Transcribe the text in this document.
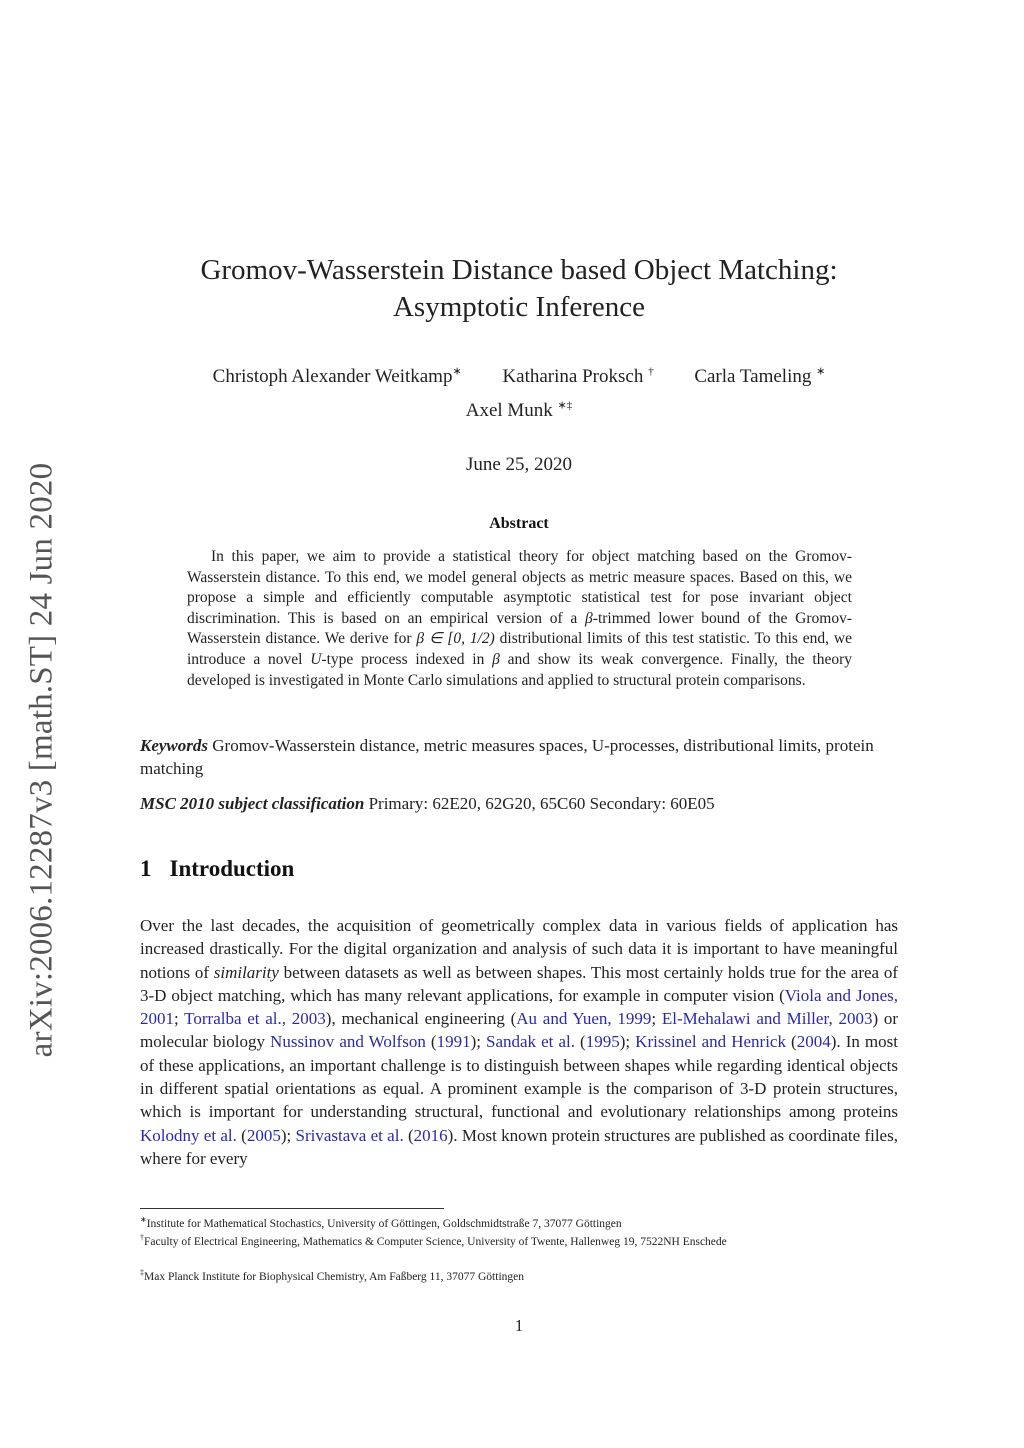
arXiv:2006.12287v3 [math.ST] 24 Jun 2020
Gromov-Wasserstein Distance based Object Matching:
Asymptotic Inference
Christoph Alexander Weitkamp∗ Katharina Proksch † Carla Tameling ∗
Axel Munk ∗‡
June 25, 2020
Abstract
In this paper, we aim to provide a statistical theory for object matching based on the Gromov-Wasserstein distance. To this end, we model general objects as metric measure spaces. Based on this, we propose a simple and efficiently computable asymptotic statistical test for pose invariant object discrimination. This is based on an empirical version of a β-trimmed lower bound of the Gromov-Wasserstein distance. We derive for β ∈ [0, 1/2) distributional limits of this test statistic. To this end, we introduce a novel U-type process indexed in β and show its weak convergence. Finally, the theory developed is investigated in Monte Carlo simulations and applied to structural protein comparisons.
Keywords Gromov-Wasserstein distance, metric measures spaces, U-processes, distributional limits, protein matching
MSC 2010 subject classification Primary: 62E20, 62G20, 65C60 Secondary: 60E05
1 Introduction
Over the last decades, the acquisition of geometrically complex data in various fields of application has increased drastically. For the digital organization and analysis of such data it is important to have meaningful notions of similarity between datasets as well as between shapes. This most certainly holds true for the area of 3-D object matching, which has many relevant applications, for example in computer vision (Viola and Jones, 2001; Torralba et al., 2003), mechanical engineering (Au and Yuen, 1999; El-Mehalawi and Miller, 2003) or molecular biology Nussinov and Wolfson (1991); Sandak et al. (1995); Krissinel and Henrick (2004). In most of these applications, an important challenge is to distinguish between shapes while regarding identical objects in different spatial orientations as equal. A prominent example is the comparison of 3-D protein structures, which is important for understanding structural, functional and evolutionary relationships among proteins Kolodny et al. (2005); Srivastava et al. (2016). Most known protein structures are published as coordinate files, where for every
∗Institute for Mathematical Stochastics, University of Göttingen, Goldschmidtstraße 7, 37077 Göttingen
†Faculty of Electrical Engineering, Mathematics & Computer Science, University of Twente, Hallenweg 19, 7522NH Enschede
‡Max Planck Institute for Biophysical Chemistry, Am Faßberg 11, 37077 Göttingen
1
